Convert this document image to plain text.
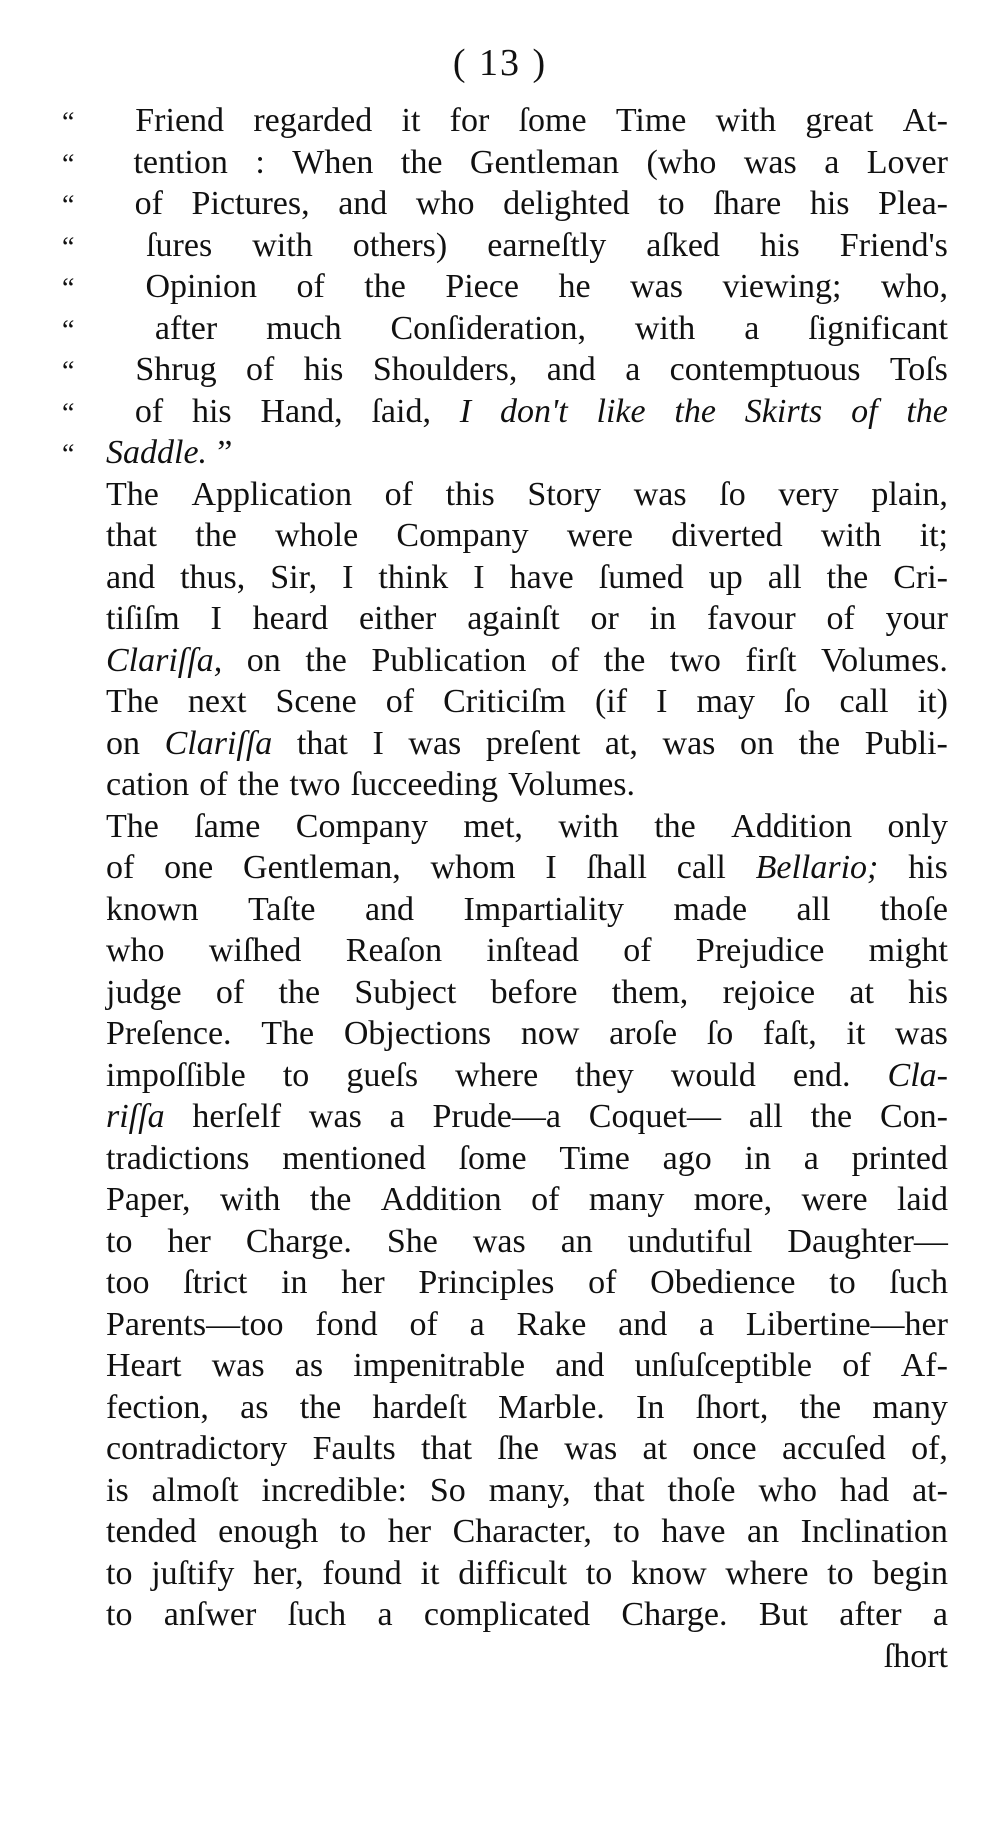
( 13 )
“	Friend regarded it for ſome Time with great At-
“	tention : When the Gentleman (who was a Lover
“	of Pictures, and who delighted to ſhare his Plea-
“	ſures with others) earneſtly aſked his Friend's
“	Opinion of the Piece he was viewing; who,
“	after much Conſideration, with a ſignificant
“	Shrug of his Shoulders, and a contemptuous Toſs
“	of his Hand, ſaid, I don't like the Skirts of the
“ Saddle. ”
The Application of this Story was ſo very plain,
that the whole Company were diverted with it;
and thus, Sir, I think I have ſumed up all the Cri-
tiſiſm I heard either againſt or in favour of your
Clariſſa, on the Publication of the two firſt Volumes.
The next Scene of Criticiſm (if I may ſo call it)
on Clariſſa that I was preſent at, was on the Publi-
cation of the two ſucceeding Volumes.
The ſame Company met, with the Addition only
of one Gentleman, whom I ſhall call Bellario; his
known Taſte and Impartiality made all thoſe
who wiſhed Reaſon inſtead of Prejudice might
judge of the Subject before them, rejoice at his
Preſence. The Objections now aroſe ſo faſt, it was
impoſſible to gueſs where they would end. Cla-
riſſa herſelf was a Prude—a Coquet— all the Con-
tradictions mentioned ſome Time ago in a printed
Paper, with the Addition of many more, were laid
to her Charge. She was an undutiful Daughter—
too ſtrict in her Principles of Obedience to ſuch
Parents—too fond of a Rake and a Libertine—her
Heart was as impenitrable and unſuſceptible of Af-
fection, as the hardeſt Marble. In ſhort, the many
contradictory Faults that ſhe was at once accuſed of,
is almoſt incredible: So many, that thoſe who had at-
tended enough to her Character, to have an Inclination
to juſtify her, found it difficult to know where to begin
to anſwer ſuch a complicated Charge. But after a
ſhort
